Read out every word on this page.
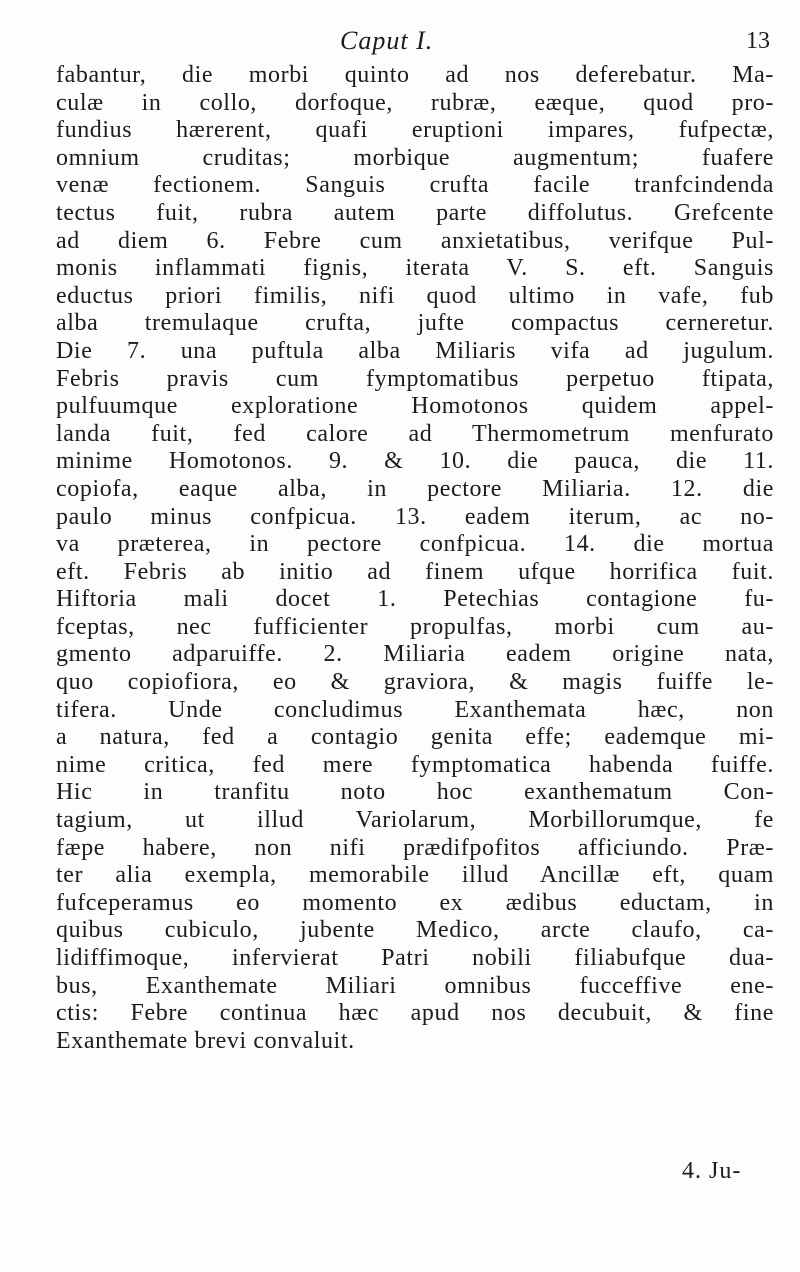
Caput I.	13
fabantur, die morbi quinto ad nos deferebatur. Ma-
culæ in collo, dorfoque, rubræ, eæque, quod pro-
fundius hærerent, quafi eruptioni impares, fufpectæ,
omnium cruditas; morbique augmentum; fuafere
venæ fectionem. Sanguis crufta facile tranfcindenda
tectus fuit, rubra autem parte diffolutus. Grefcente
ad diem 6. Febre cum anxietatibus, verifque Pul-
monis inflammati fignis, iterata V. S. eft. Sanguis
eductus priori fimilis, nifi quod ultimo in vafe, fub
alba tremulaque crufta, jufte compactus cerneretur.
Die 7. una puftula alba Miliaris vifa ad jugulum.
Febris pravis cum fymptomatibus perpetuo ftipata,
pulfuumque exploratione Homotonos quidem appel-
landa fuit, fed calore ad Thermometrum menfurato
minime Homotonos. 9. & 10. die pauca, die 11.
copiofa, eaque alba, in pectore Miliaria. 12. die
paulo minus confpicua. 13. eadem iterum, ac no-
va præterea, in pectore confpicua. 14. die mortua
eft. Febris ab initio ad finem ufque horrifica fuit.
Hiftoria mali docet 1. Petechias contagione fu-
fceptas, nec fufficienter propulfas, morbi cum au-
gmento adparuiffe. 2. Miliaria eadem origine nata,
quo copiofiora, eo & graviora, & magis fuiffe le-
tifera. Unde concludimus Exanthemata hæc, non
a natura, fed a contagio genita effe; eademque mi-
nime critica, fed mere fymptomatica habenda fuiffe.
Hic in tranfitu noto hoc exanthematum Con-
tagium, ut illud Variolarum, Morbillorumque, fe
fæpe habere, non nifi prædifpofitos afficiundo. Præ-
ter alia exempla, memorabile illud Ancillæ eft, quam
fufceperamus eo momento ex ædibus eductam, in
quibus cubiculo, jubente Medico, arcte claufo, ca-
lidiffimoque, infervierat Patri nobili filiabufque dua-
bus, Exanthemate Miliari omnibus fucceffive ene-
ctis: Febre continua hæc apud nos decubuit, & fine
Exanthemate brevi convaluit.
4. Ju-
